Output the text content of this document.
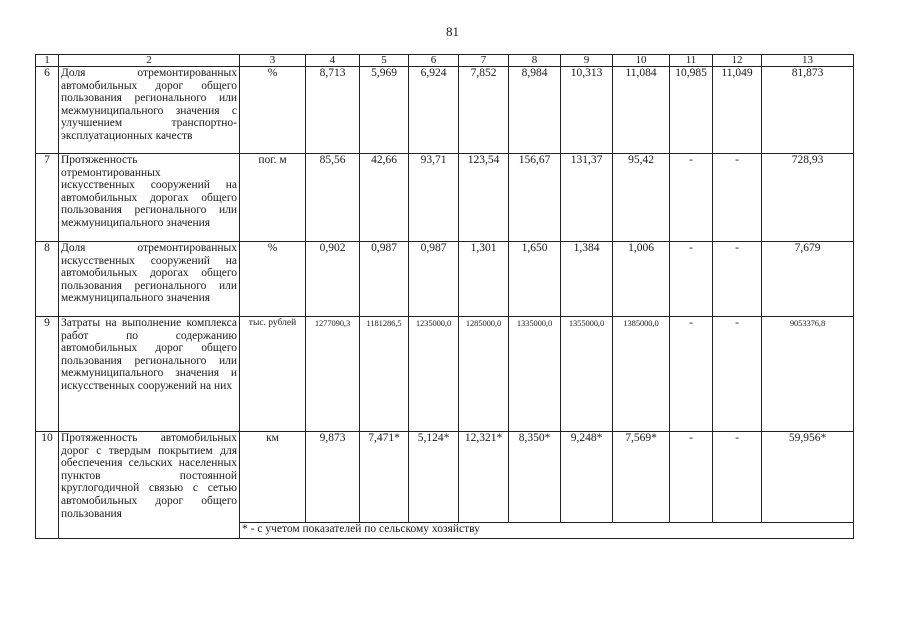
81
1	2	3	4	5	6	7	8	9	10	11	12	13
6	Доля отремонтированных автомобильных дорог общего пользования регионального или межмуниципального значения с улучшением транспортно-эксплуатационных качеств	%	8,713	5,969	6,924	7,852	8,984	10,313	11,084	10,985	11,049	81,873
7	Протяженность отремонтированных искусственных сооружений на автомобильных дорогах общего пользования регионального или межмуниципального значения	пог. м	85,56	42,66	93,71	123,54	156,67	131,37	95,42	-	-	728,93
8	Доля отремонтированных искусственных сооружений на автомобильных дорогах общего пользования регионального или межмуниципального значения	%	0,902	0,987	0,987	1,301	1,650	1,384	1,006	-	-	7,679
9	Затраты на выполнение комплекса работ по содержанию автомобильных дорог общего пользования регионального или межмуниципального значения и искусственных сооружений на них	тыс. рублей	1277090,3	1181286,5	1235000,0	1285000,0	1335000,0	1355000,0	1385000,0	-	-	9053376,8
10	Протяженность автомобильных дорог с твердым покрытием для обеспечения сельских населенных пунктов постоянной круглогодичной связью с сетью автомобильных дорог общего пользования	км	9,873	7,471*	5,124*	12,321*	8,350*	9,248*	7,569*	-	-	59,956*
		* - с учетом показателей по сельскому хозяйству										
